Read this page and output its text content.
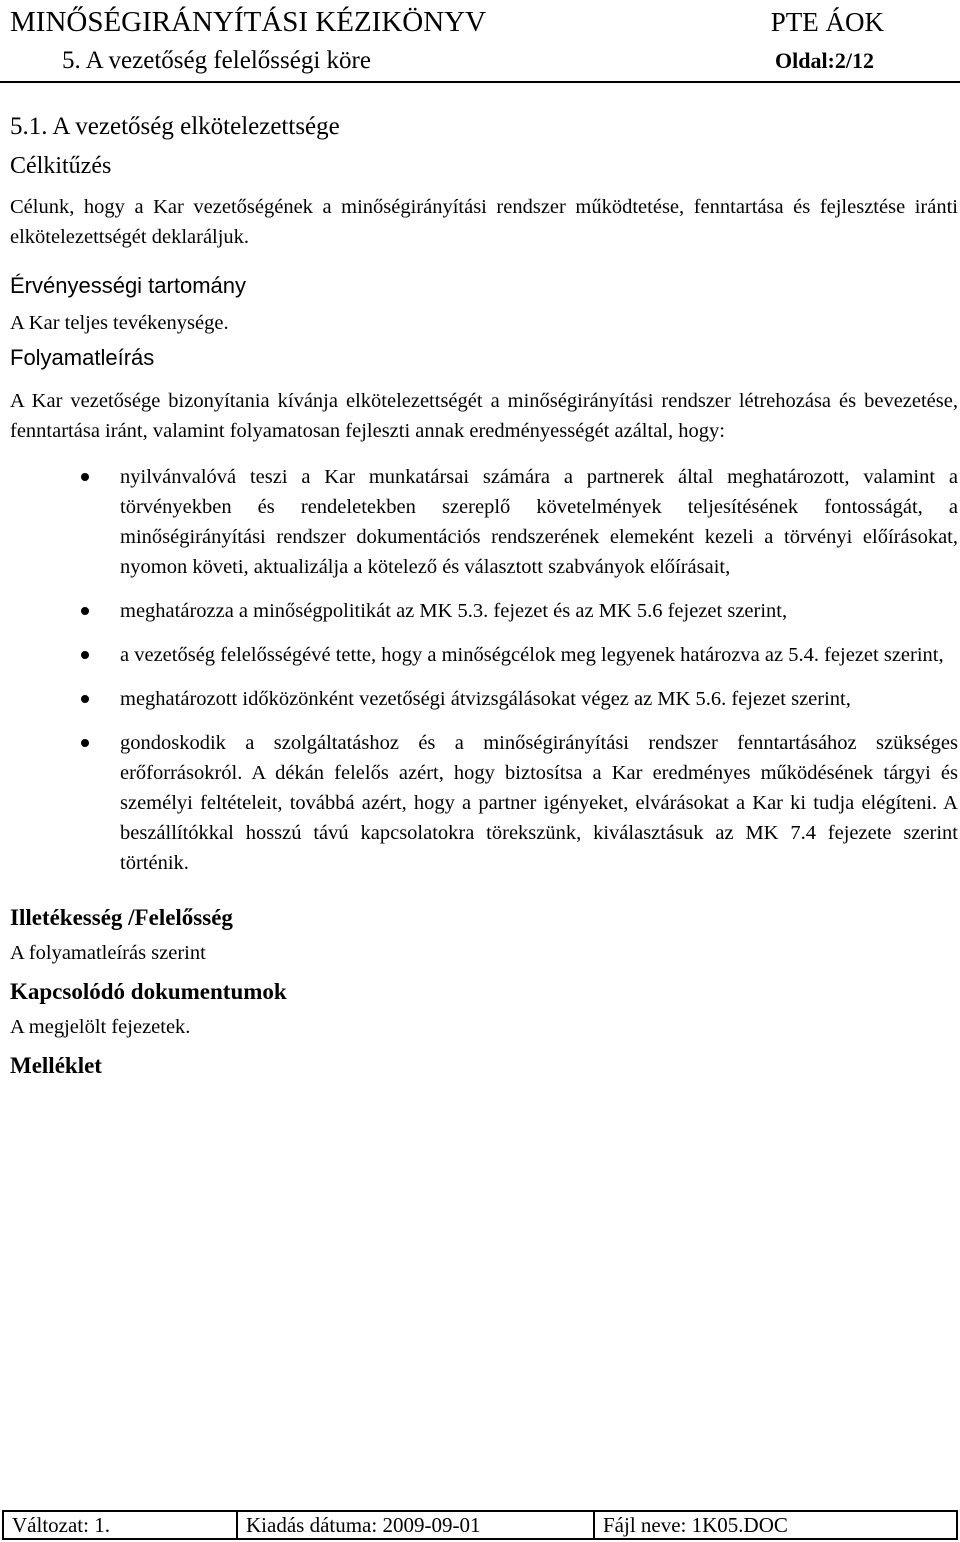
MINŐSÉGIRÁNYÍTÁSI KÉZIKÖNYV	PTE ÁOK
5. A vezetőség felelősségi köre	Oldal:2/12
5.1. A vezetőség elkötelezettsége
Célkitűzés

Célunk, hogy a Kar vezetőségének a minőségirányítási rendszer működtetése, fenntartása és fejlesztése iránti elkötelezettségét deklaráljuk.

Érvényességi tartomány

A Kar teljes tevékenysége.

Folyamatleírás

A Kar vezetősége bizonyítania kívánja elkötelezettségét a minőségirányítási rendszer létrehozása és bevezetése, fenntartása iránt, valamint folyamatosan fejleszti annak eredményességét azáltal, hogy:

nyilvánvalóvá teszi a Kar munkatársai számára a partnerek által meghatározott, valamint a törvényekben és rendeletekben szereplő követelmények teljesítésének fontosságát, a minőségirányítási rendszer dokumentációs rendszerének elemeként kezeli a törvényi előírásokat, nyomon követi, aktualizálja a kötelező és választott szabványok előírásait,
meghatározza a minőségpolitikát az MK 5.3. fejezet és az MK 5.6 fejezet szerint,
a vezetőség felelősségévé tette, hogy a minőségcélok meg legyenek határozva az 5.4. fejezet szerint,
meghatározott időközönként vezetőségi átvizsgálásokat végez az MK 5.6. fejezet szerint,
gondoskodik a szolgáltatáshoz és a minőségirányítási rendszer fenntartásához szükséges erőforrásokról. A dékán felelős azért, hogy biztosítsa a Kar eredményes működésének tárgyi és személyi feltételeit, továbbá azért, hogy a partner igényeket, elvárásokat a Kar ki tudja elégíteni. A beszállítókkal hosszú távú kapcsolatokra törekszünk, kiválasztásuk az MK 7.4 fejezete szerint történik.
Illetékesség /Felelősség

A folyamatleírás szerint

Kapcsolódó dokumentumok

A megjelölt fejezetek.

Melléklet
Változat: 1.	Kiadás dátuma: 2009-09-01	Fájl neve: 1K05.DOC
